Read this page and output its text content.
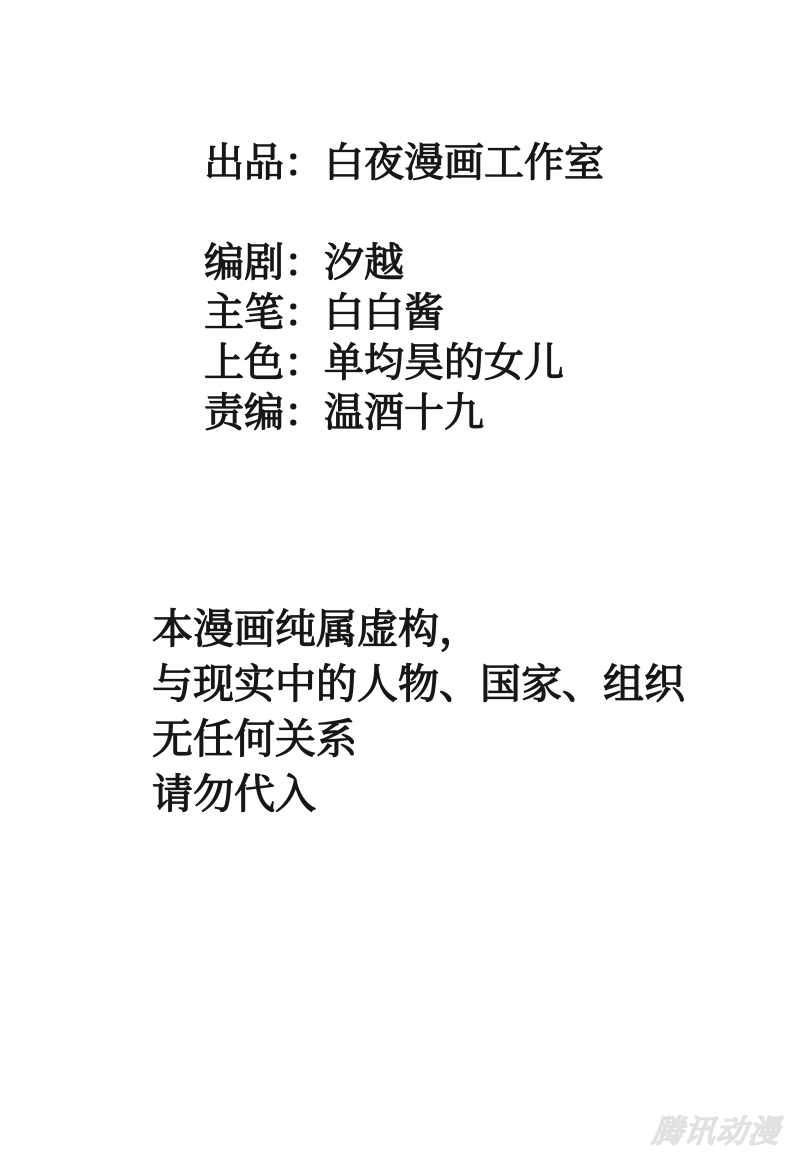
出品：白夜漫画工作室
编剧：汐越
主笔：白白酱
上色：单均昊的女儿
责编：温酒十九
本漫画纯属虚构，
与现实中的人物、国家、组织
无任何关系
请勿代入
腾讯动漫
